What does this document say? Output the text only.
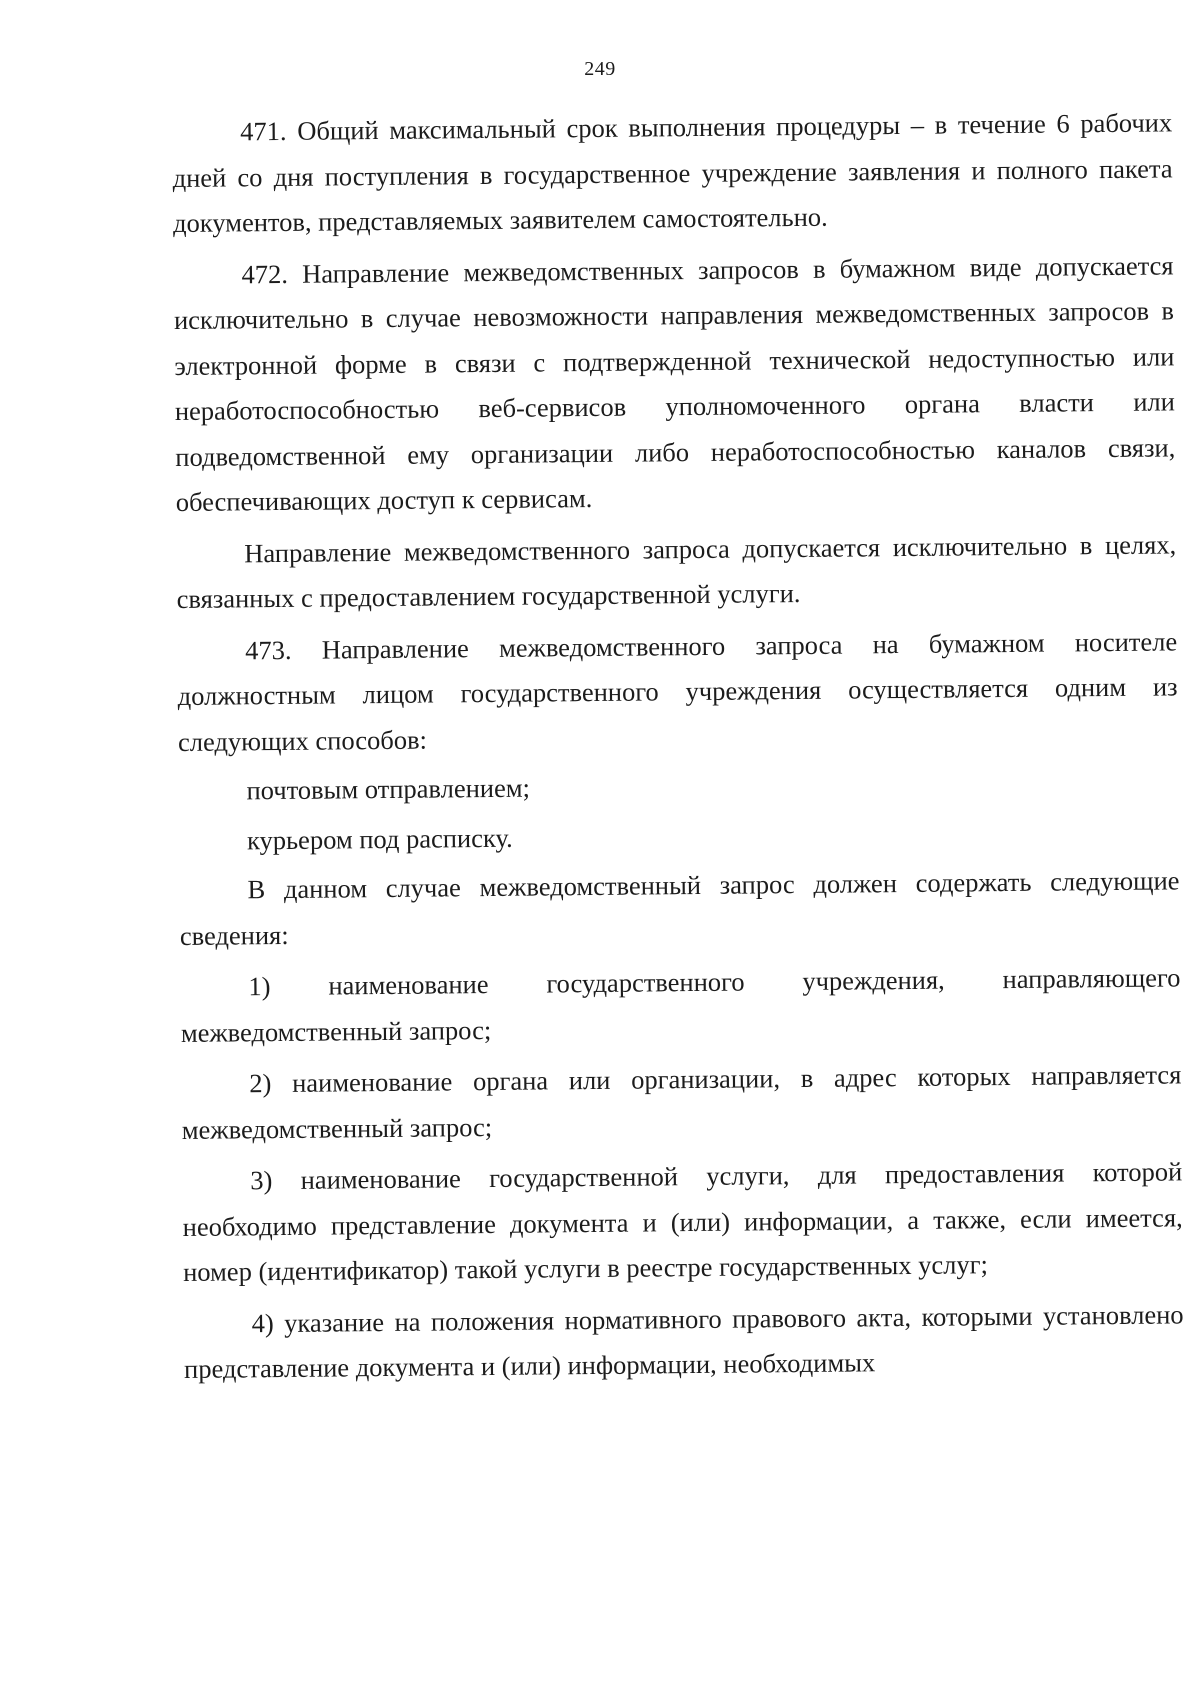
249

471. Общий максимальный срок выполнения процедуры – в течение 6 рабочих дней со дня поступления в государственное учреждение заявления и полного пакета документов, представляемых заявителем самостоятельно.

472. Направление межведомственных запросов в бумажном виде допускается исключительно в случае невозможности направления межведомственных запросов в электронной форме в связи с подтвержденной технической недоступностью или неработоспособностью веб-сервисов уполномоченного органа власти или подведомственной ему организации либо неработоспособностью каналов связи, обеспечивающих доступ к сервисам.

Направление межведомственного запроса допускается исключительно в целях, связанных с предоставлением государственной услуги.

473. Направление межведомственного запроса на бумажном носителе должностным лицом государственного учреждения осуществляется одним из следующих способов:

почтовым отправлением;

курьером под расписку.

В данном случае межведомственный запрос должен содержать следующие сведения:

1) наименование государственного учреждения, направляющего межведомственный запрос;

2) наименование органа или организации, в адрес которых направляется межведомственный запрос;

3) наименование государственной услуги, для предоставления которой необходимо представление документа и (или) информации, а также, если имеется, номер (идентификатор) такой услуги в реестре государственных услуг;

4) указание на положения нормативного правового акта, которыми установлено представление документа и (или) информации, необходимых
